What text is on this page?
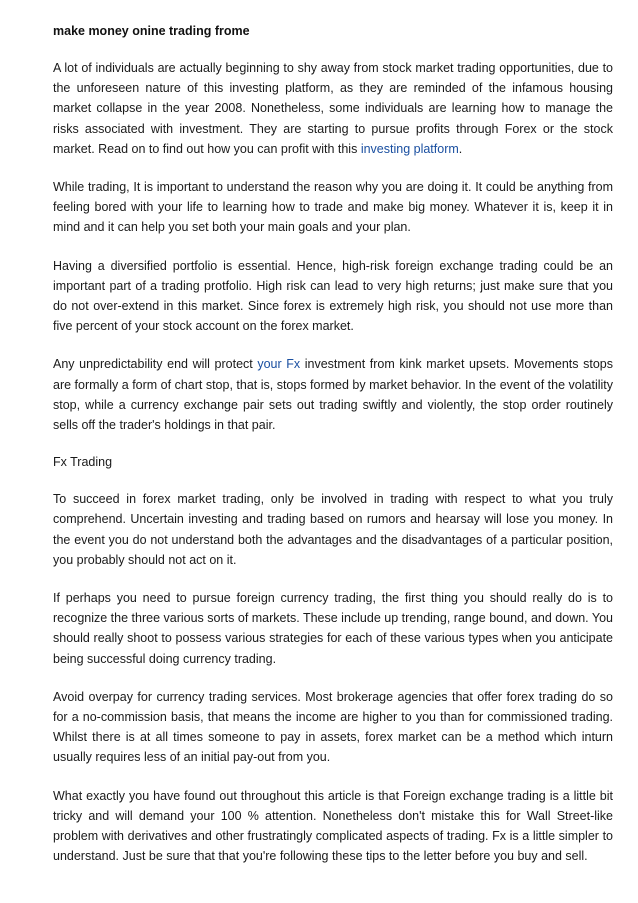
make money onine trading frome

A lot of individuals are actually beginning to shy away from stock market trading opportunities, due to the unforeseen nature of this investing platform, as they are reminded of the infamous housing market collapse in the year 2008. Nonetheless, some individuals are learning how to manage the risks associated with investment. They are starting to pursue profits through Forex or the stock market. Read on to find out how you can profit with this investing platform.

While trading, It is important to understand the reason why you are doing it. It could be anything from feeling bored with your life to learning how to trade and make big money. Whatever it is, keep it in mind and it can help you set both your main goals and your plan.

Having a diversified portfolio is essential. Hence, high-risk foreign exchange trading could be an important part of a trading protfolio. High risk can lead to very high returns; just make sure that you do not over-extend in this market. Since forex is extremely high risk, you should not use more than five percent of your stock account on the forex market.

Any unpredictability end will protect your Fx investment from kink market upsets. Movements stops are formally a form of chart stop, that is, stops formed by market behavior. In the event of the volatility stop, while a currency exchange pair sets out trading swiftly and violently, the stop order routinely sells off the trader's holdings in that pair.

Fx Trading

To succeed in forex market trading, only be involved in trading with respect to what you truly comprehend. Uncertain investing and trading based on rumors and hearsay will lose you money. In the event you do not understand both the advantages and the disadvantages of a particular position, you probably should not act on it.

If perhaps you need to pursue foreign currency trading, the first thing you should really do is to recognize the three various sorts of markets. These include up trending, range bound, and down. You should really shoot to possess various strategies for each of these various types when you anticipate being successful doing currency trading.

Avoid overpay for currency trading services. Most brokerage agencies that offer forex trading do so for a no-commission basis, that means the income are higher to you than for commissioned trading. Whilst there is at all times someone to pay in assets, forex market can be a method which inturn usually requires less of an initial pay-out from you.

What exactly you have found out throughout this article is that Foreign exchange trading is a little bit tricky and will demand your 100 % attention. Nonetheless don't mistake this for Wall Street-like problem with derivatives and other frustratingly complicated aspects of trading. Fx is a little simpler to understand. Just be sure that that you're following these tips to the letter before you buy and sell.
